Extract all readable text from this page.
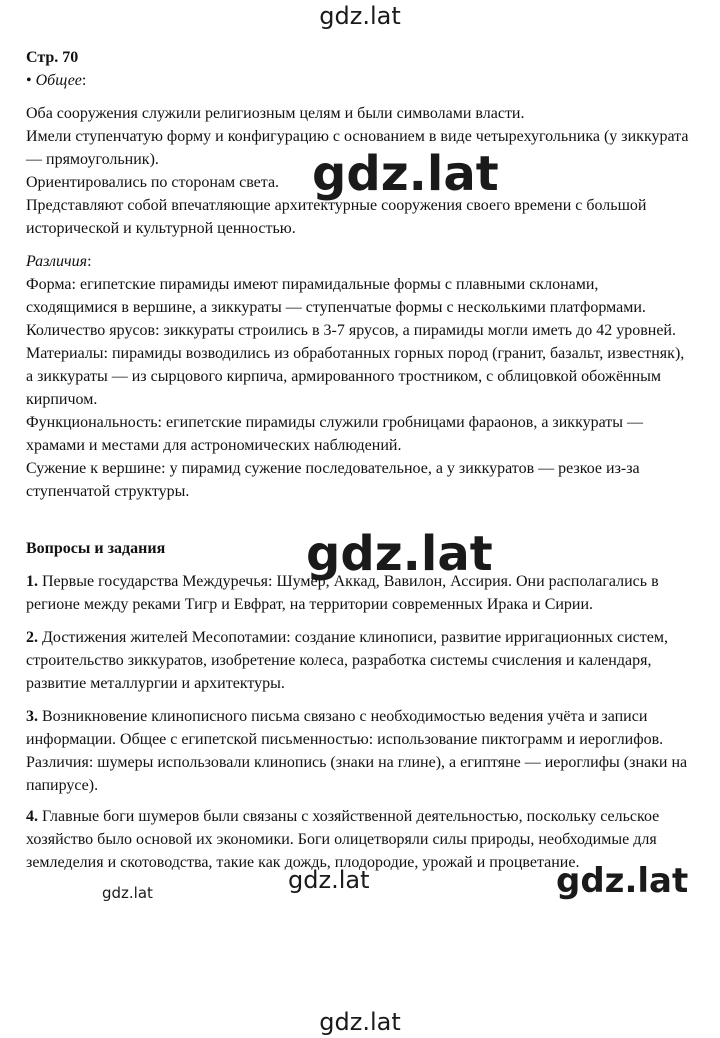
gdz.lat

Стр. 70

• Общее:

Оба сооружения служили религиозным целям и были символами власти.

Имели ступенчатую форму и конфигурацию с основанием в виде четырехугольника (у зиккурата — прямоугольник).

Ориентировались по сторонам света.

Представляют собой впечатляющие архитектурные сооружения своего времени с большой исторической и культурной ценностью.

Различия:

Форма: египетские пирамиды имеют пирамидальные формы с плавными склонами, сходящимися в вершине, а зиккураты — ступенчатые формы с несколькими платформами.

Количество ярусов: зиккураты строились в 3-7 ярусов, а пирамиды могли иметь до 42 уровней.

Материалы: пирамиды возводились из обработанных горных пород (гранит, базальт, известняк), а зиккураты — из сырцового кирпича, армированного тростником, с облицовкой обожённым кирпичом.

Функциональность: египетские пирамиды служили гробницами фараонов, а зиккураты — храмами и местами для астрономических наблюдений.

Сужение к вершине: у пирамид сужение последовательное, а у зиккуратов — резкое из-за ступенчатой структуры.

Вопросы и задания

1. Первые государства Междуречья: Шумер, Аккад, Вавилон, Ассирия. Они располагались в регионе между реками Тигр и Евфрат, на территории современных Ирака и Сирии.

2. Достижения жителей Месопотамии: создание клинописи, развитие ирригационных систем, строительство зиккуратов, изобретение колеса, разработка системы счисления и календаря, развитие металлургии и архитектуры.

3. Возникновение клинописного письма связано с необходимостью ведения учёта и записи информации. Общее с египетской письменностью: использование пиктограмм и иероглифов. Различия: шумеры использовали клинопись (знаки на глине), а египтяне — иероглифы (знаки на папирусе).

4. Главные боги шумеров были связаны с хозяйственной деятельностью, поскольку сельское хозяйство было основой их экономики. Боги олицетворяли силы природы, необходимые для земледелия и скотоводства, такие как дождь, плодородие, урожай и процветание.

gdz.lat
gdz.lat
gdz.lat
gdz.lat	gdz.lat
gdz.lat
